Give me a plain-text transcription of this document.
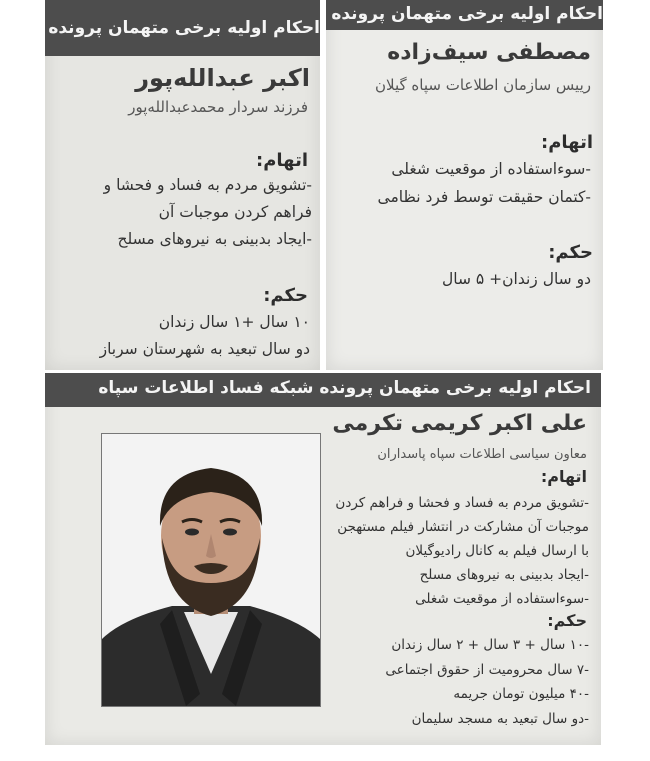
احکام اولیه برخی متهمان پرونده
اکبر عبدالله‌پور
فرزند سردار محمدعبدالله‌پور
اتهام:
-تشویق مردم به فساد و فحشا و
فراهم کردن موجبات آن
-ایجاد بدبینی به نیروهای مسلح
حکم:
۱۰ سال +۱ سال زندان
دو سال تبعید به شهرستان سرباز
احکام اولیه برخی متهمان پرونده
مصطفی سیف‌زاده
رییس سازمان اطلاعات سپاه گیلان
اتهام:
-سوءاستفاده از موقعیت شغلی
-کتمان حقیقت توسط فرد نظامی
حکم:
دو سال زندان+ ۵ سال
احکام اولیه برخی متهمان پرونده شبکه فساد اطلاعات سپاه
علی اکبر کریمی تکرمی
معاون سیاسی اطلاعات سپاه پاسداران
اتهام:
-تشویق مردم به فساد و فحشا و فراهم کردن
موجبات آن مشارکت در انتشار فیلم مستهجن
با ارسال فیلم به کانال رادیوگیلان
-ایجاد بدبینی به نیروهای مسلح
-سوءاستفاده از موقعیت شغلی
حکم:
-۱۰ سال + ۳ سال + ۲ سال زندان
-۷ سال محرومیت از حقوق اجتماعی
-۴۰ میلیون تومان جریمه
-دو سال تبعید به مسجد سلیمان
